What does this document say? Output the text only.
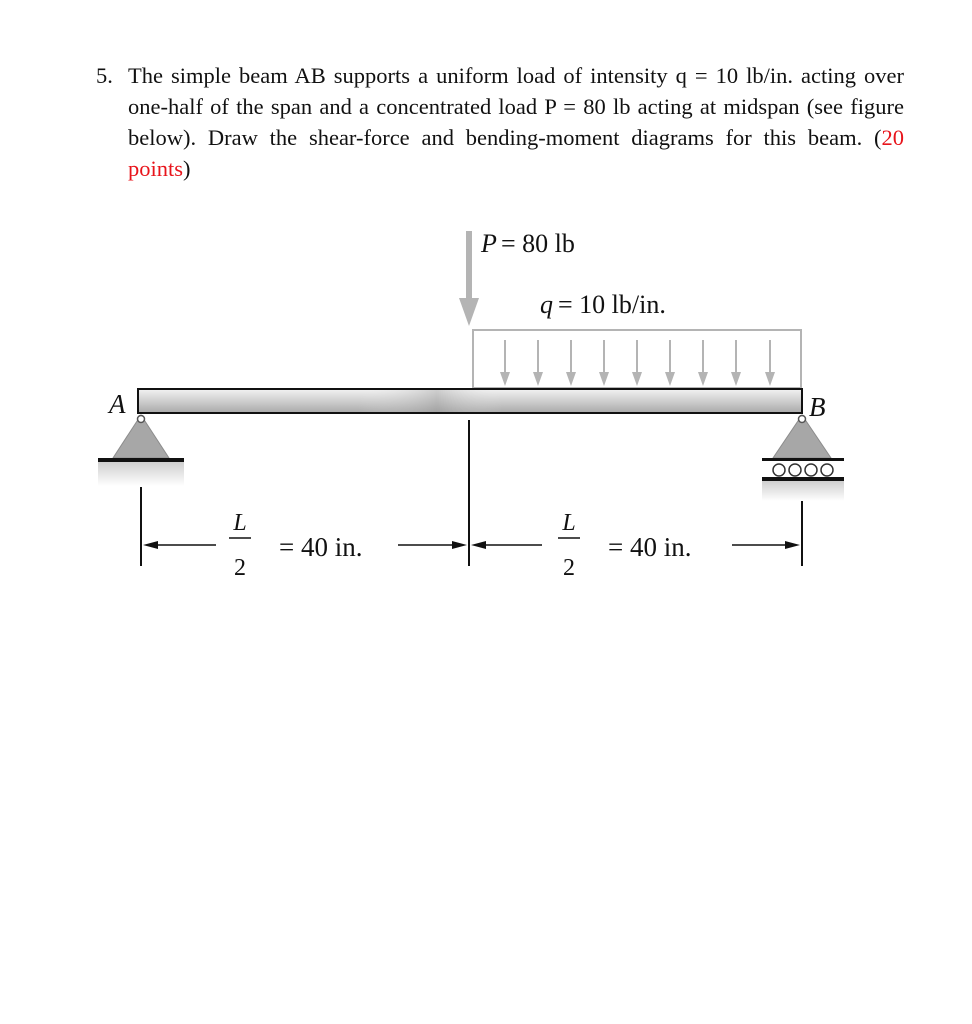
5. The simple beam AB supports a uniform load of intensity q = 10 lb/in. acting over one-half of the span and a concentrated load P = 80 lb acting at midspan (see figure below). Draw the shear-force and bending-moment diagrams for this beam. (20 points)
P = 80 lb
q = 10 lb/in.
A	B
L
2
= 40 in.
L
2
= 40 in.
